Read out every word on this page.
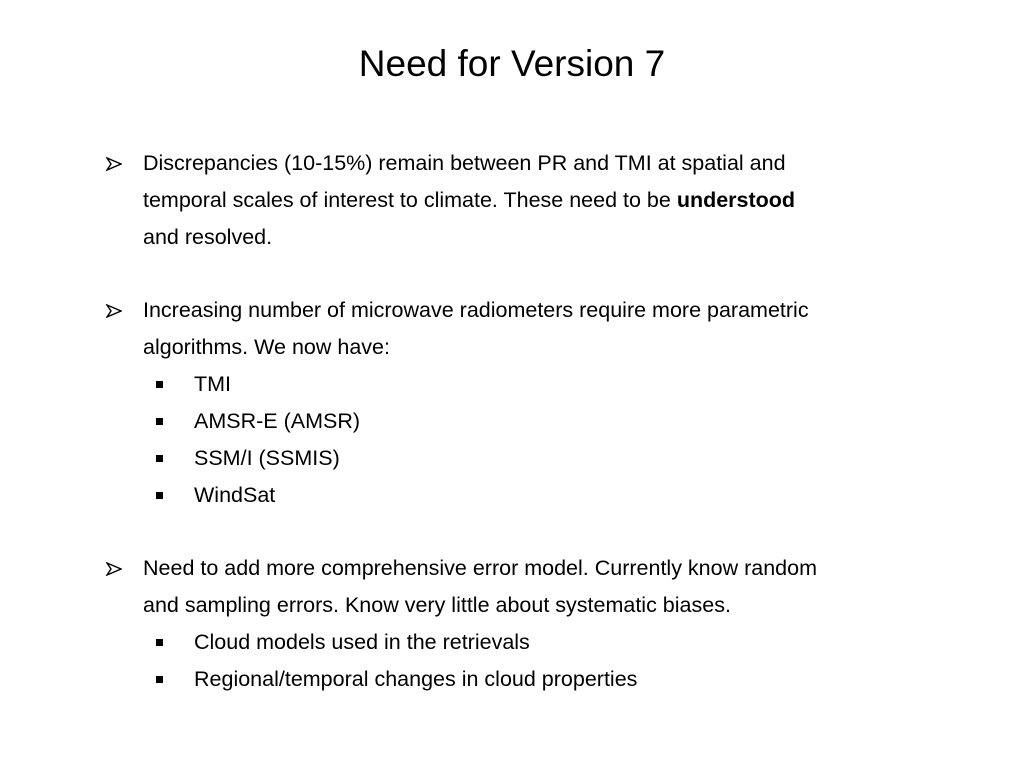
Need for Version 7
Discrepancies (10-15%) remain between PR and TMI at spatial and
temporal scales of interest to climate. These need to be understood
and resolved.
Increasing number of microwave radiometers require more parametric
algorithms. We now have:
TMI
AMSR-E (AMSR)
SSM/I (SSMIS)
WindSat
Need to add more comprehensive error model. Currently know random
and sampling errors. Know very little about systematic biases.
Cloud models used in the retrievals
Regional/temporal changes in cloud properties
